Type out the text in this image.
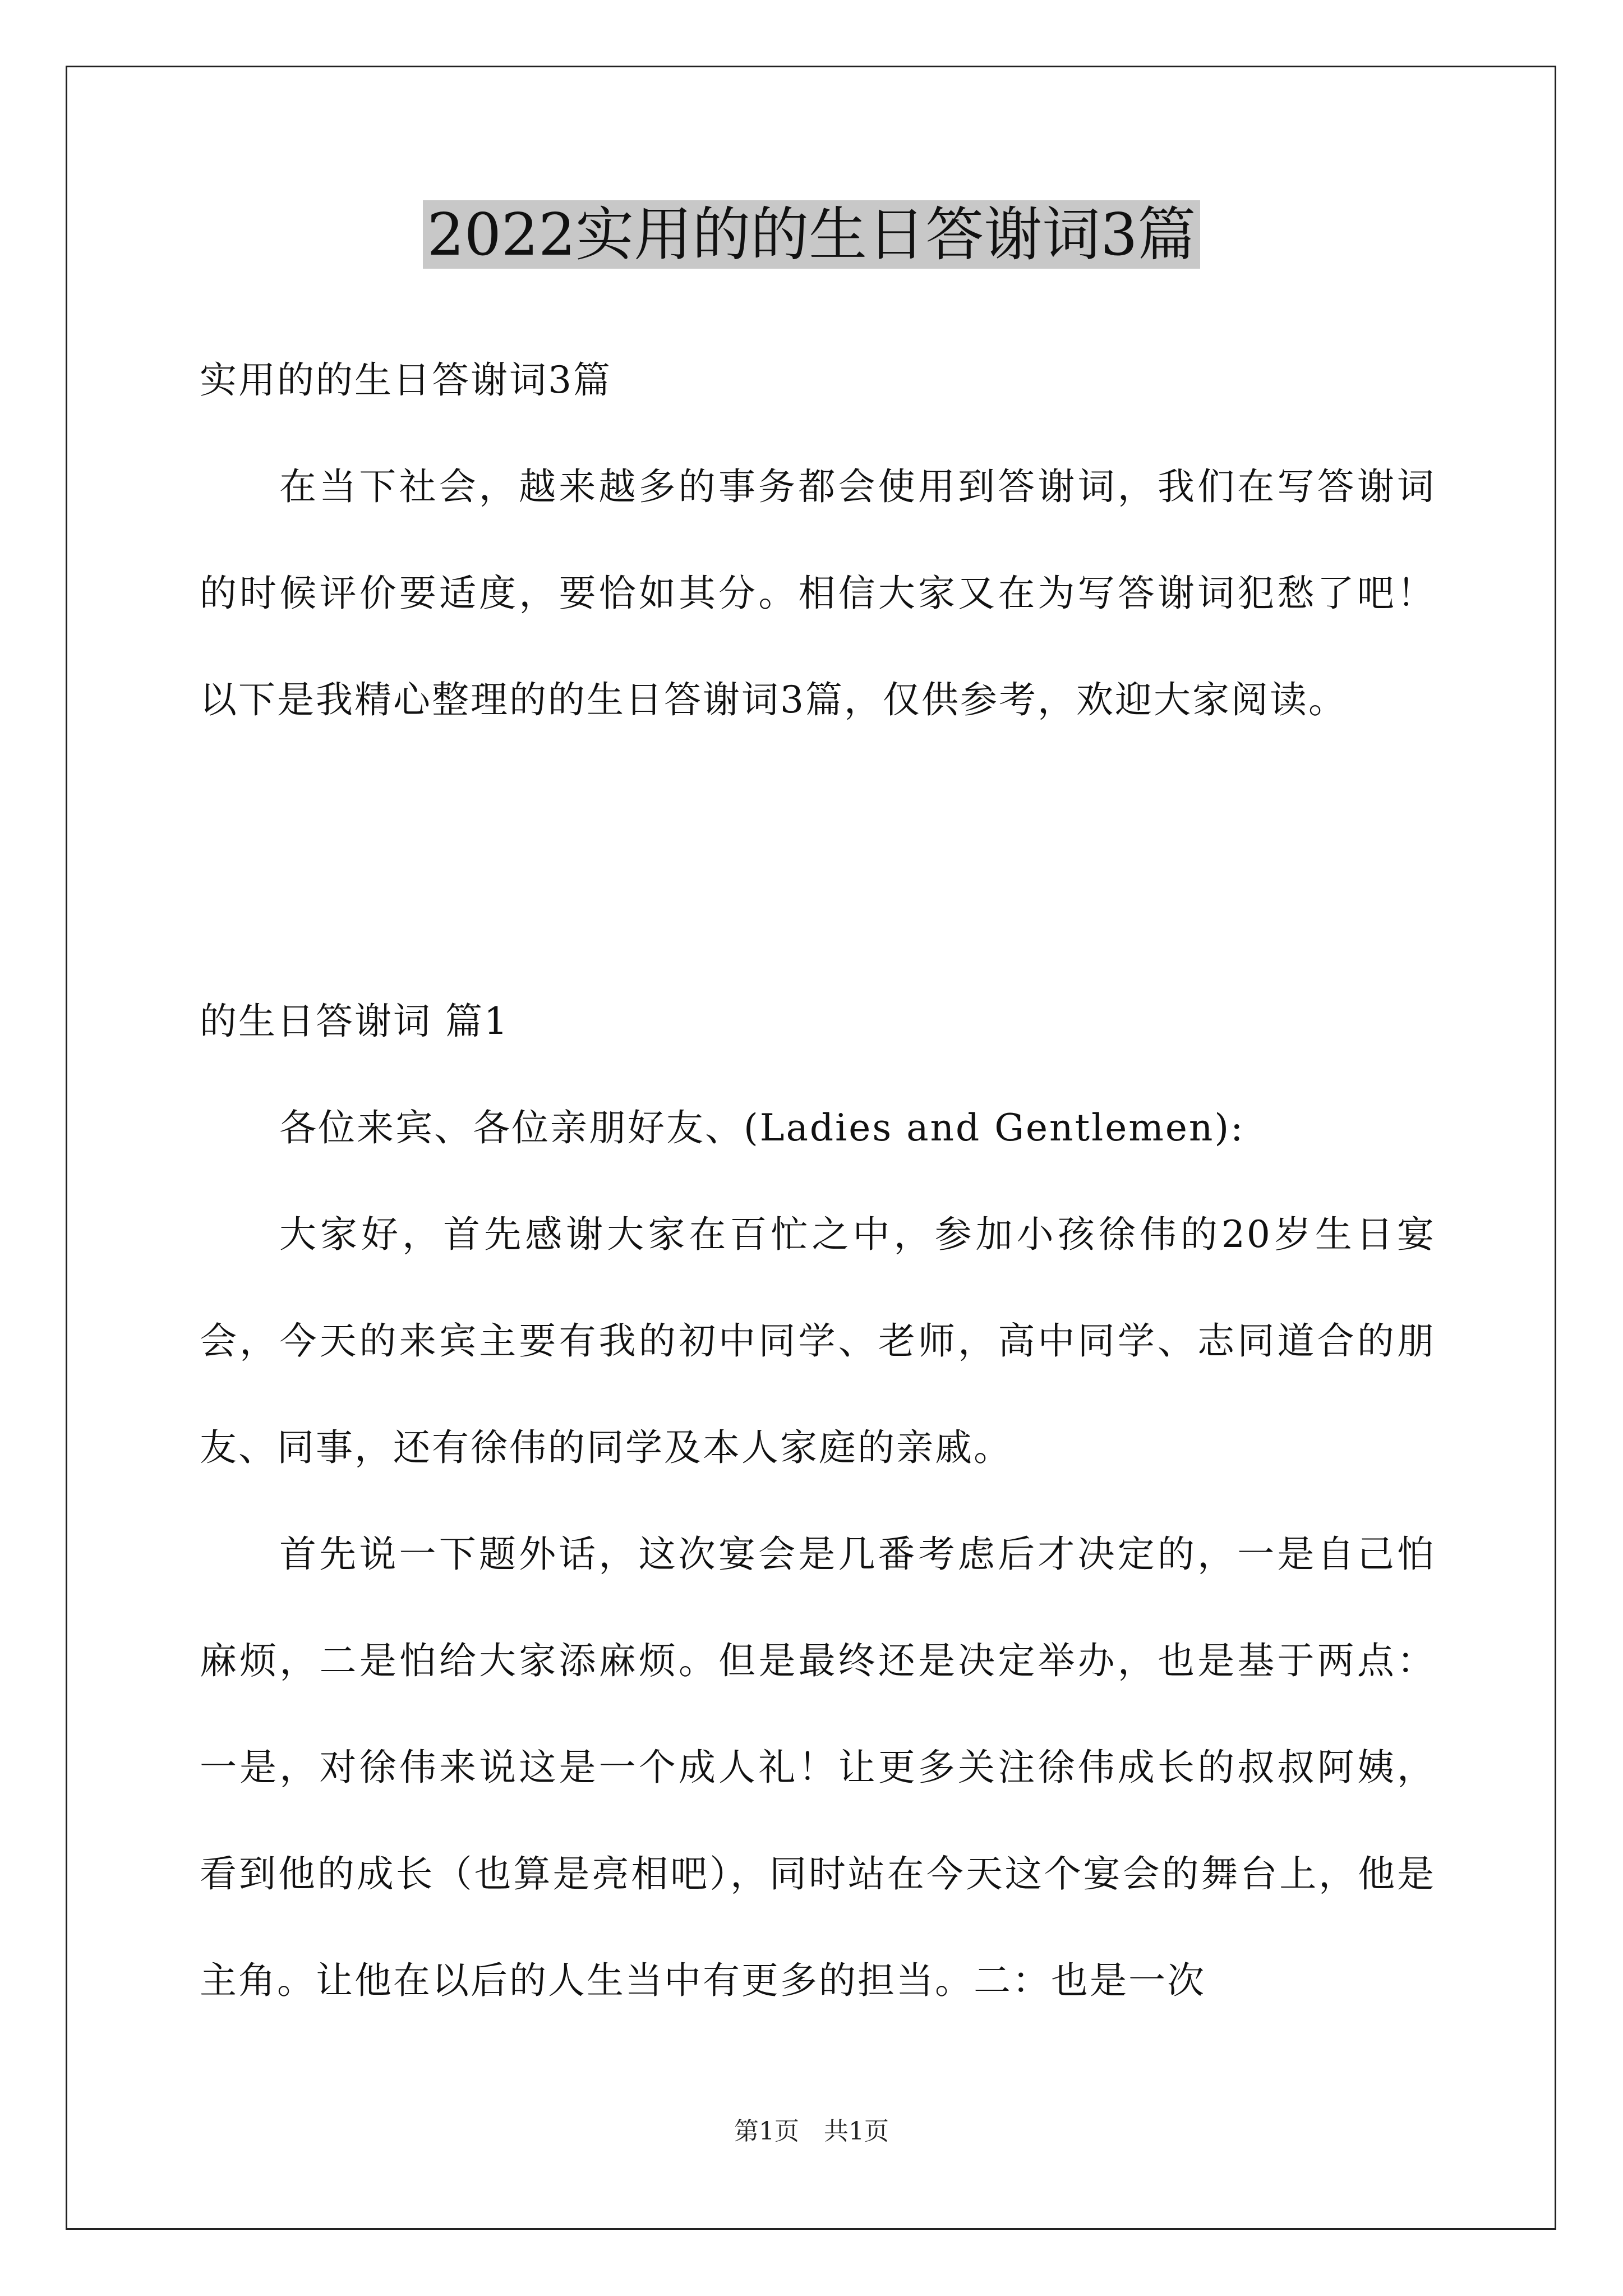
2022实用的的生日答谢词3篇
实用的的生日答谢词3篇
在当下社会，越来越多的事务都会使用到答谢词，我们在写答谢词的时候评价要适度，要恰如其分。相信大家又在为写答谢词犯愁了吧！以下是我精心整理的的生日答谢词3篇，仅供参考，欢迎大家阅读。
的生日答谢词 篇1
各位来宾、各位亲朋好友、(Ladies and Gentlemen):
大家好，首先感谢大家在百忙之中，参加小孩徐伟的20岁生日宴会，今天的来宾主要有我的初中同学、老师，高中同学、志同道合的朋友、同事，还有徐伟的同学及本人家庭的亲戚。
首先说一下题外话，这次宴会是几番考虑后才决定的，一是自己怕麻烦，二是怕给大家添麻烦。但是最终还是决定举办，也是基于两点：一是，对徐伟来说这是一个成人礼！让更多关注徐伟成长的叔叔阿姨，看到他的成长（也算是亮相吧），同时站在今天这个宴会的舞台上，他是主角。让他在以后的人生当中有更多的担当。二：也是一次
第1页　共1页
